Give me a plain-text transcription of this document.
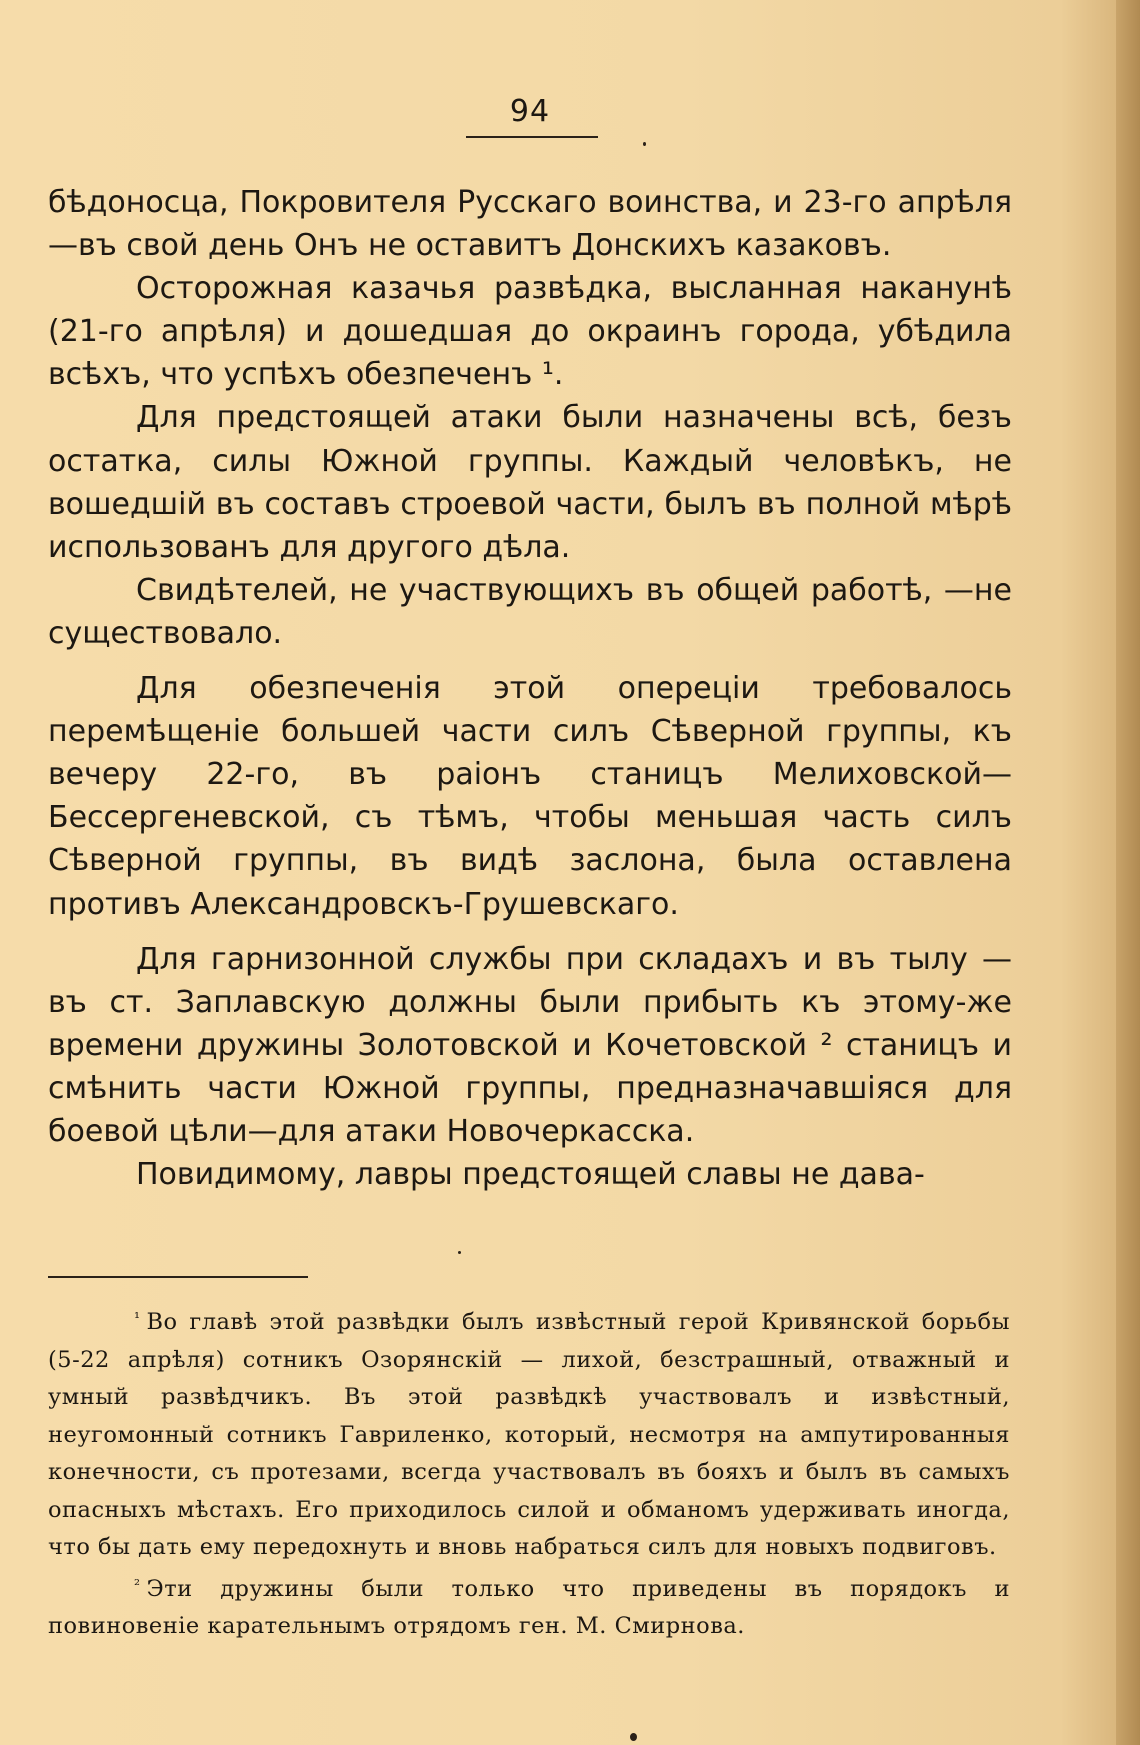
94

бѣдоносца, Покровителя Русскаго воинства, и 23-го апрѣля—въ свой день Онъ не оставитъ Донскихъ казаковъ.

Осторожная казачья развѣдка, высланная наканунѣ (21-го апрѣля) и дошедшая до окраинъ города, убѣдила всѣхъ, что успѣхъ обезпеченъ ¹.

Для предстоящей атаки были назначены всѣ, безъ остатка, силы Южной группы. Каждый человѣкъ, не вошедшій въ составъ строевой части, былъ въ полной мѣрѣ использованъ для другого дѣла.

Свидѣтелей, не участвующихъ въ общей работѣ, —не существовало.

Для обезпеченія этой опереціи требовалось перемѣщеніе большей части силъ Сѣверной группы, къ вечеру 22-го, въ раіонъ станицъ Мелиховской—Бессергеневской, съ тѣмъ, чтобы меньшая часть силъ Сѣверной группы, въ видѣ заслона, была оставлена противъ Александровскъ-Грушевскаго.

Для гарнизонной службы при складахъ и въ тылу —въ ст. Заплавскую должны были прибыть къ этому-же времени дружины Золотовской и Кочетовской ² станицъ и смѣнить части Южной группы, предназначавшіяся для боевой цѣли—для атаки Новочеркасска.

Повидимому, лавры предстоящей славы не дава-

$^{^1}$ Во главѣ этой развѣдки былъ извѣстный герой Кривянской борьбы (5-22 апрѣля) сотникъ Озорянскій — лихой, безстрашный, отважный и умный развѣдчикъ. Въ этой развѣдкѣ участвовалъ и извѣстный, неугомонный сотникъ Гавриленко, который, несмотря на ампутированныя конечности, съ протезами, всегда участвовалъ въ бояхъ и былъ въ самыхъ опасныхъ мѣстахъ. Его приходилось силой и обманомъ удерживать иногда, что бы дать ему передохнуть и вновь набраться силъ для новыхъ подвиговъ.

$^{^2}$ Эти дружины были только что приведены въ порядокъ и повиновеніе карательнымъ отрядомъ ген. М. Смирнова.
